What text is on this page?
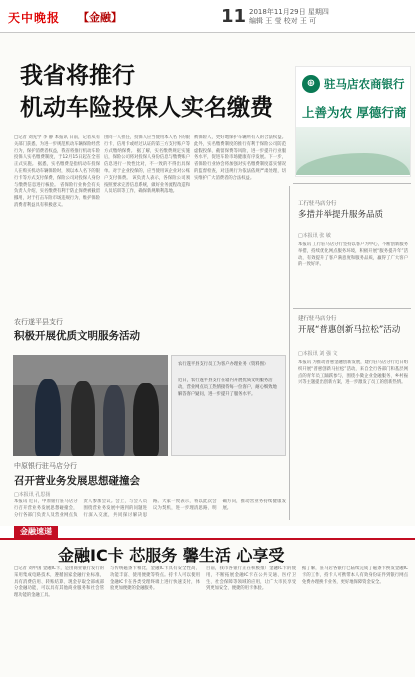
天中晚报 【金融】	11 2018年11月29日 星期四
编辑 王 莹 校对 王 可
我省将推行
机动车险投保人实名缴费
□记者 刘先学 李 静 本报讯 日前，记者从有关部门获悉，为进一步规范机动车辆保险经营行为，保护消费者权益，我省将推行机动车险投保人实名缴费制度，于12月15日起在全省正式实施。 据悉，实名缴费是指机动车投保人在购买机动车辆保险时，须以本人名下的银行卡等方式支付保费，保险公司对投保人身份与缴费信息进行核验。 省保险行业协会有关负责人介绍，实名缴费有利于防止保费被截留挪用，对于打击车险市场违规行为、维护保险消费者利益具有积极意义。
由同一人担任，投保人应当使用本人名下的银行卡、信用卡或经过认证的第三方支付账户等方式缴纳保费。 据了解，实名缴费规定实施后，保险公司将对投保人身份信息与缴费账户信息进行一致性比对，不一致的不得出具保单。对于企业投保的，应当使用该企业对公账户支付保费。 该负责人表示，各保险公司须按照要求完善信息系统，做好业务流程改造和人员培训等工作，确保新规顺利落地。
被保险人，更好地保护车辆所有人的合法权益。 此外，实名缴费制度的推行有利于保险公司防范虚假投保、截留保费等风险，进一步提升行业服务水平，促进车险市场健康有序发展。下一步，省保险行业协会将加强对实名缴费制度落实情况的监督检查，对违规行为依法依规严肃处理，切实维护广大消费者的合法权益。
⊕ 驻马店农商银行
上善为农 厚德行商
工行驻马店分行
多措并举提升服务品质
□本报讯 张 敏
本报讯 工行驻马店分行坚持以客户为中心，不断创新服务举措，持续优化网点服务环境，积极开展“服务提升年”活动，有效提升了客户满意度和服务品质，赢得了广大客户的一致好评。
建行驻马店分行
开展“普惠创新马拉松”活动
□本报讯 刘 强 文
本报讯 为推动普惠金融创新发展，建行驻马店分行近日组织开展“普惠创新马拉松”活动，来自全行各部门和基层网点的青年员工踊跃参与，围绕小微企业金融服务、乡村振兴等主题提出创新方案，进一步激发了员工的创新热情。
农行遂平县支行
积极开展优质文明服务活动
农行遂平县支行员工为客户办理业务（资料图）
近日，农行遂平县支行在辖内开展优质文明服务活动，营业网点员工热情接待每一位客户，耐心细致地解答客户疑问，进一步提升了服务水平。
中原银行驻马店分行
召开营业务发展思想碰撞会
□本报讯 孔思扬
本报讯 近日，中原银行驻马店分行召开营业务发展思想碰撞会，分行各部门负责人及营业网点负责人参加会议。会上，与会人员围绕营业务发展中遇到的问题进行深入交流，共同探讨解决思路。大家一致表示，将以此次会议为契机，进一步理清思路、明确方向，推动营业务持续健康发展。
金融速递
金融IC卡 芯服务 馨生活 心享受
□记者 刘中国 金融IC卡，是由商业银行发行的采用集成电路技术，遵循国家金融行业标准，具有消费信用、转账结算、现金存取全部或部分金融功能，可以具有其他商业服务和社会管理功能的金融工具。
与传统磁条卡相比，金融IC卡具有安全性高、功能丰富、使用便捷等特点。持卡人可以使用金融IC卡在各类受理终端上进行快速支付，体验更加便捷的金融服务。
目前，我市各银行正在积极推广金融IC卡的使用，不断拓展金融IC卡在公共交通、医疗卫生、社会保障等领域的应用，让广大市民享受到更加安全、便捷的用卡体验。
据了解，驻马店各银行已陆续完成了磁条卡换发金融IC卡的工作，持卡人可携带本人有效身份证件到银行网点免费办理换卡业务，更好地保障资金安全。
